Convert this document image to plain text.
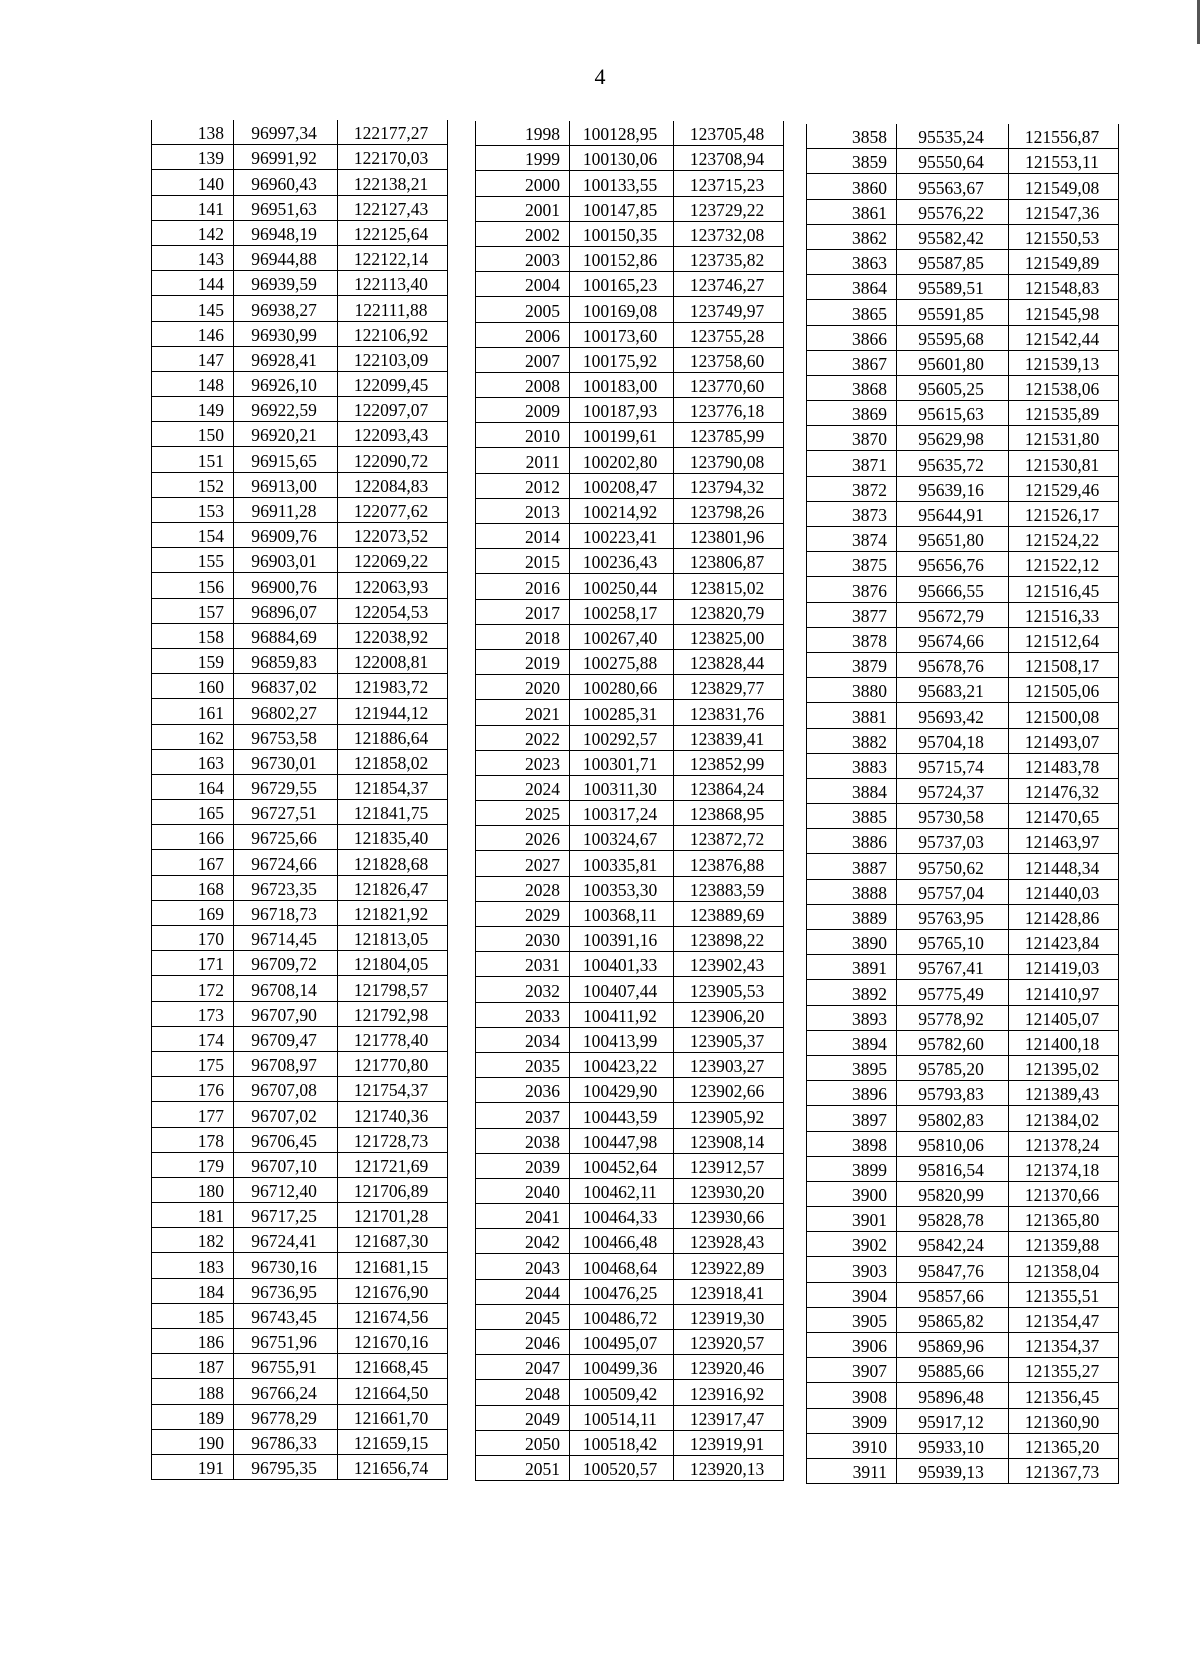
4
138	96997,34	122177,27
139	96991,92	122170,03
140	96960,43	122138,21
141	96951,63	122127,43
142	96948,19	122125,64
143	96944,88	122122,14
144	96939,59	122113,40
145	96938,27	122111,88
146	96930,99	122106,92
147	96928,41	122103,09
148	96926,10	122099,45
149	96922,59	122097,07
150	96920,21	122093,43
151	96915,65	122090,72
152	96913,00	122084,83
153	96911,28	122077,62
154	96909,76	122073,52
155	96903,01	122069,22
156	96900,76	122063,93
157	96896,07	122054,53
158	96884,69	122038,92
159	96859,83	122008,81
160	96837,02	121983,72
161	96802,27	121944,12
162	96753,58	121886,64
163	96730,01	121858,02
164	96729,55	121854,37
165	96727,51	121841,75
166	96725,66	121835,40
167	96724,66	121828,68
168	96723,35	121826,47
169	96718,73	121821,92
170	96714,45	121813,05
171	96709,72	121804,05
172	96708,14	121798,57
173	96707,90	121792,98
174	96709,47	121778,40
175	96708,97	121770,80
176	96707,08	121754,37
177	96707,02	121740,36
178	96706,45	121728,73
179	96707,10	121721,69
180	96712,40	121706,89
181	96717,25	121701,28
182	96724,41	121687,30
183	96730,16	121681,15
184	96736,95	121676,90
185	96743,45	121674,56
186	96751,96	121670,16
187	96755,91	121668,45
188	96766,24	121664,50
189	96778,29	121661,70
190	96786,33	121659,15
191	96795,35	121656,74
1998	100128,95	123705,48
1999	100130,06	123708,94
2000	100133,55	123715,23
2001	100147,85	123729,22
2002	100150,35	123732,08
2003	100152,86	123735,82
2004	100165,23	123746,27
2005	100169,08	123749,97
2006	100173,60	123755,28
2007	100175,92	123758,60
2008	100183,00	123770,60
2009	100187,93	123776,18
2010	100199,61	123785,99
2011	100202,80	123790,08
2012	100208,47	123794,32
2013	100214,92	123798,26
2014	100223,41	123801,96
2015	100236,43	123806,87
2016	100250,44	123815,02
2017	100258,17	123820,79
2018	100267,40	123825,00
2019	100275,88	123828,44
2020	100280,66	123829,77
2021	100285,31	123831,76
2022	100292,57	123839,41
2023	100301,71	123852,99
2024	100311,30	123864,24
2025	100317,24	123868,95
2026	100324,67	123872,72
2027	100335,81	123876,88
2028	100353,30	123883,59
2029	100368,11	123889,69
2030	100391,16	123898,22
2031	100401,33	123902,43
2032	100407,44	123905,53
2033	100411,92	123906,20
2034	100413,99	123905,37
2035	100423,22	123903,27
2036	100429,90	123902,66
2037	100443,59	123905,92
2038	100447,98	123908,14
2039	100452,64	123912,57
2040	100462,11	123930,20
2041	100464,33	123930,66
2042	100466,48	123928,43
2043	100468,64	123922,89
2044	100476,25	123918,41
2045	100486,72	123919,30
2046	100495,07	123920,57
2047	100499,36	123920,46
2048	100509,42	123916,92
2049	100514,11	123917,47
2050	100518,42	123919,91
2051	100520,57	123920,13
3858	95535,24	121556,87
3859	95550,64	121553,11
3860	95563,67	121549,08
3861	95576,22	121547,36
3862	95582,42	121550,53
3863	95587,85	121549,89
3864	95589,51	121548,83
3865	95591,85	121545,98
3866	95595,68	121542,44
3867	95601,80	121539,13
3868	95605,25	121538,06
3869	95615,63	121535,89
3870	95629,98	121531,80
3871	95635,72	121530,81
3872	95639,16	121529,46
3873	95644,91	121526,17
3874	95651,80	121524,22
3875	95656,76	121522,12
3876	95666,55	121516,45
3877	95672,79	121516,33
3878	95674,66	121512,64
3879	95678,76	121508,17
3880	95683,21	121505,06
3881	95693,42	121500,08
3882	95704,18	121493,07
3883	95715,74	121483,78
3884	95724,37	121476,32
3885	95730,58	121470,65
3886	95737,03	121463,97
3887	95750,62	121448,34
3888	95757,04	121440,03
3889	95763,95	121428,86
3890	95765,10	121423,84
3891	95767,41	121419,03
3892	95775,49	121410,97
3893	95778,92	121405,07
3894	95782,60	121400,18
3895	95785,20	121395,02
3896	95793,83	121389,43
3897	95802,83	121384,02
3898	95810,06	121378,24
3899	95816,54	121374,18
3900	95820,99	121370,66
3901	95828,78	121365,80
3902	95842,24	121359,88
3903	95847,76	121358,04
3904	95857,66	121355,51
3905	95865,82	121354,47
3906	95869,96	121354,37
3907	95885,66	121355,27
3908	95896,48	121356,45
3909	95917,12	121360,90
3910	95933,10	121365,20
3911	95939,13	121367,73
